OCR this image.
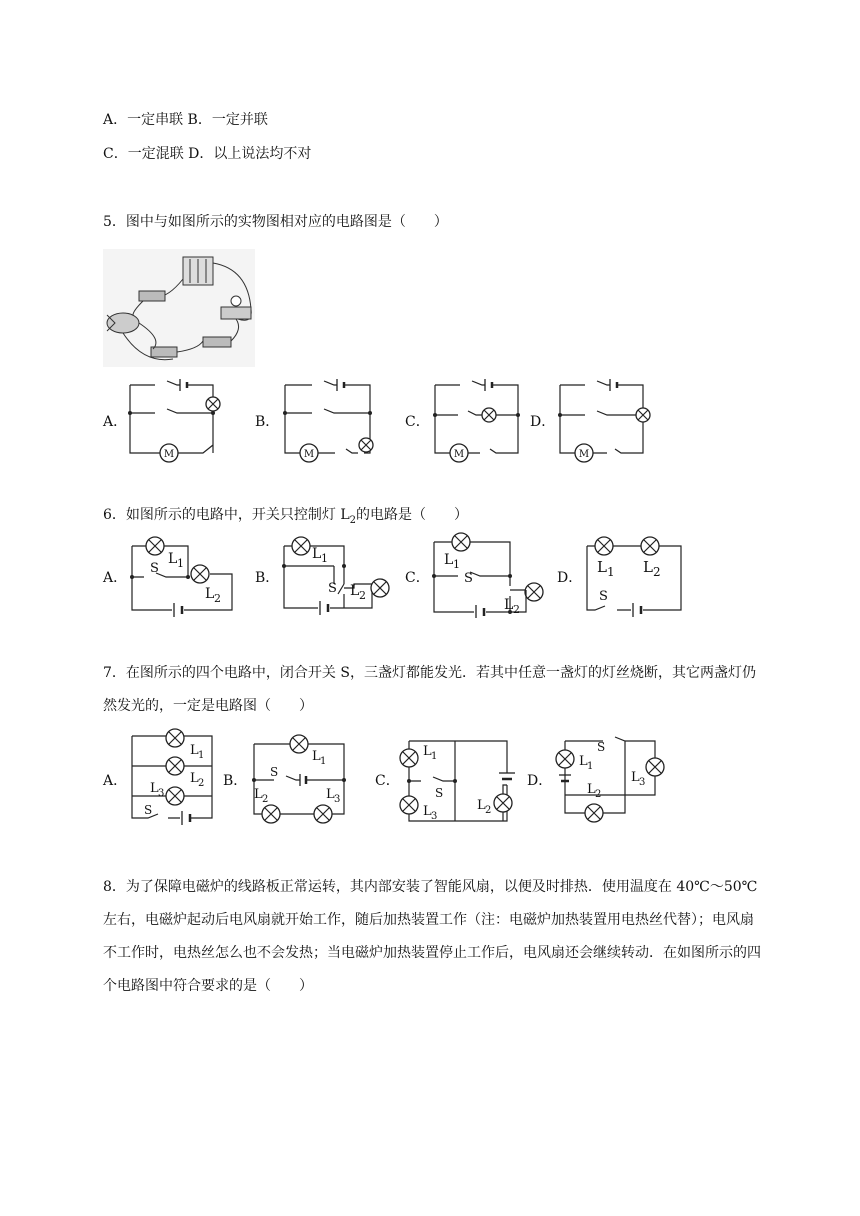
A．一定串联 B．一定并联
C．一定混联 D．以上说法均不对
5．图中与如图所示的实物图相对应的电路图是（　　）
A．	B．	C．	D．
M	M	M	M
6．如图所示的电路中，开关只控制灯 $L_2$的电路是（　　）
A．	B．	C．	D．
S
L 1
L 2
L 1
S L 2
L 1
S
L 2
L 1 L 2
S
7．在图所示的四个电路中，闭合开关 S，三盏灯都能发光．若其中任意一盏灯的灯丝烧断，其它两盏灯仍然发光的，一定是电路图（　　）
A．	B．	C．	D．
L 1
L 2
L 3
S
L 1
S
L 2	L 3
L 1
S
L 3
L 2
S
L 1
L 2
L 3
8．为了保障电磁炉的线路板正常运转，其内部安装了智能风扇，以便及时排热．使用温度在 40℃～50℃左右，电磁炉起动后电风扇就开始工作，随后加热装置工作（注：电磁炉加热装置用电热丝代替）；电风扇不工作时，电热丝怎么也不会发热；当电磁炉加热装置停止工作后，电风扇还会继续转动．在如图所示的四个电路图中符合要求的是（　　）
